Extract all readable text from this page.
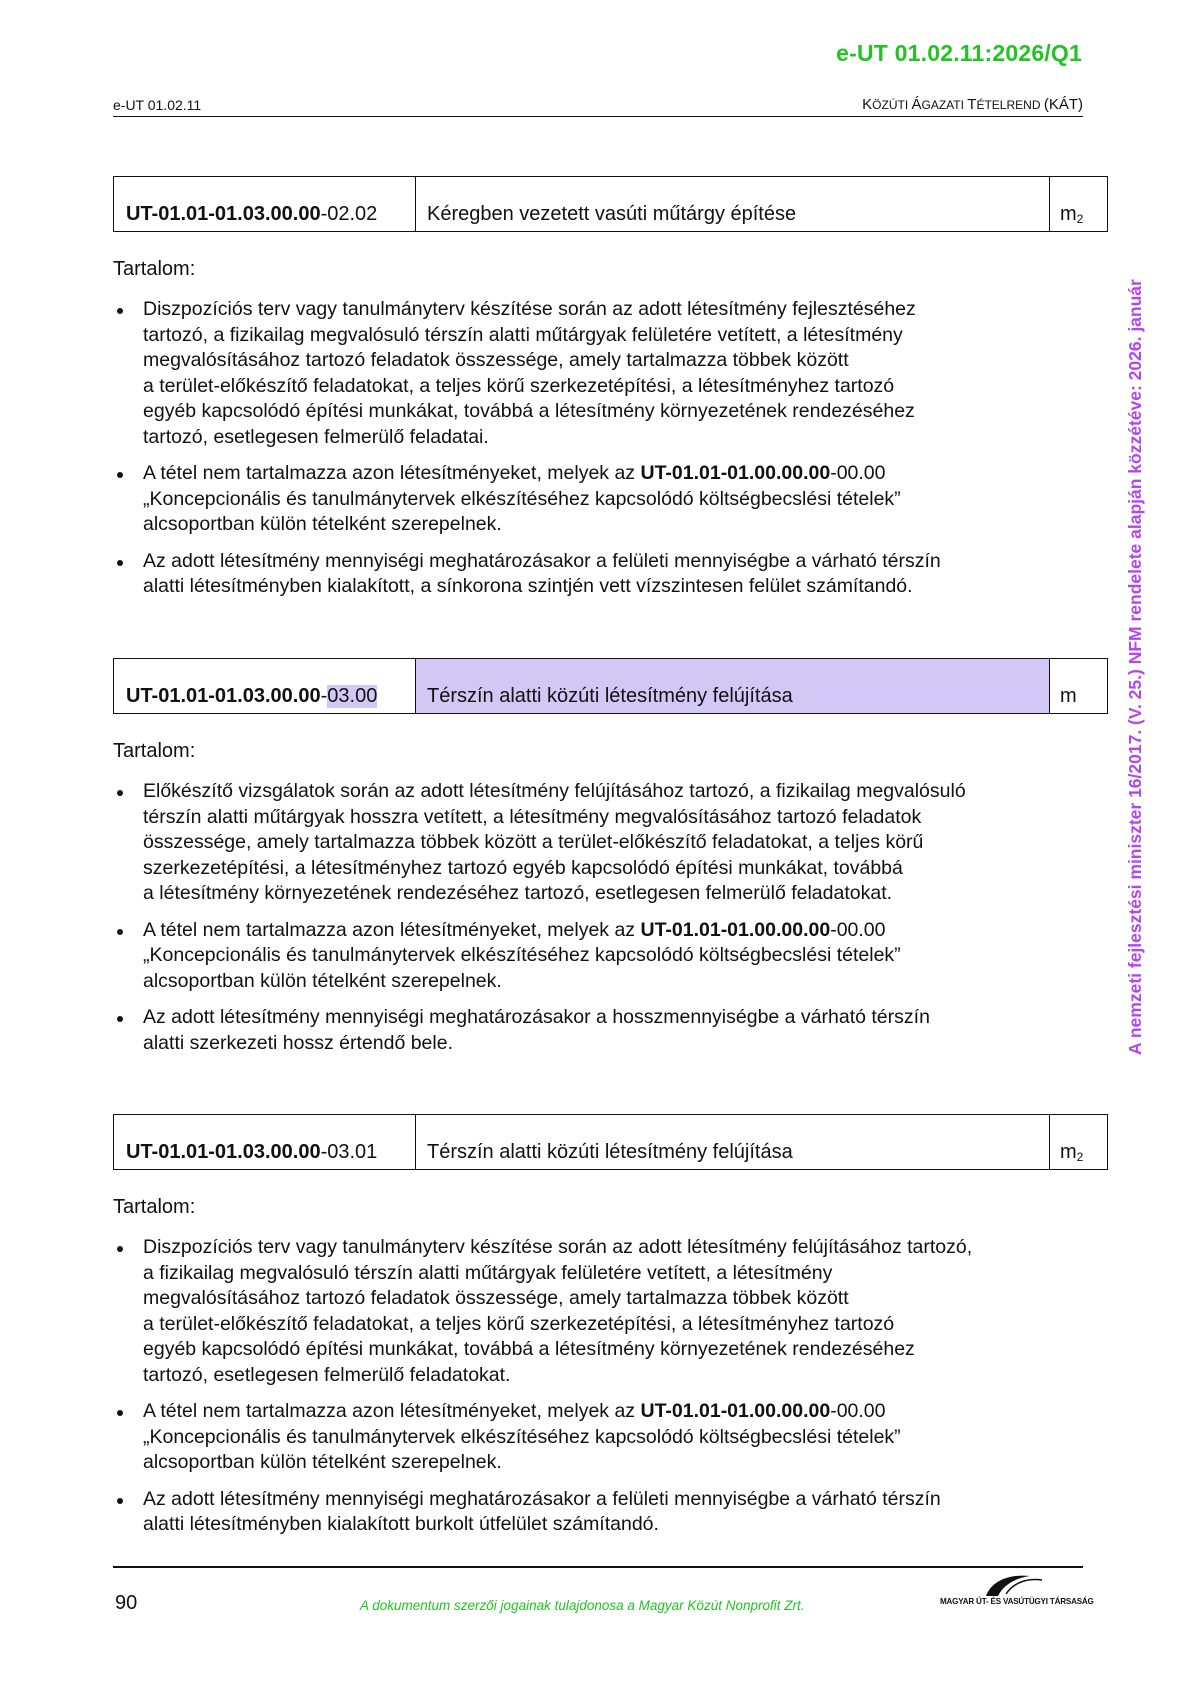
e-UT 01.02.11:2026/Q1
e-UT 01.02.11	KÖZÚTI ÁGAZATI TÉTELREND (KÁT)
A nemzeti fejlesztési miniszter 16/2017. (V. 25.) NFM rendelete alapján közzétéve: 2026. január
UT-01.01-01.03.00.00 -02.02	Kéregben vezetett vasúti műtárgy építése	$m_2$
Tartalom:
Diszpozíciós terv vagy tanulmányterv készítése során az adott létesítmény fejlesztéséhez
tartozó, a fizikailag megvalósuló térszín alatti műtárgyak felületére vetített, a létesítmény
megvalósításához tartozó feladatok összessége, amely tartalmazza többek között
a terület-előkészítő feladatokat, a teljes körű szerkezetépítési, a létesítményhez tartozó
egyéb kapcsolódó építési munkákat, továbbá a létesítmény környezetének rendezéséhez
tartozó, esetlegesen felmerülő feladatai.
A tétel nem tartalmazza azon létesítményeket, melyek az UT-01.01-01.00.00.00-00.00
„Koncepcionális és tanulmánytervek elkészítéséhez kapcsolódó költségbecslési tételek”
alcsoportban külön tételként szerepelnek.
Az adott létesítmény mennyiségi meghatározásakor a felületi mennyiségbe a várható térszín
alatti létesítményben kialakított, a sínkorona szintjén vett vízszintesen felület számítandó.
UT-01.01-01.03.00.00 - 03.00	Térszín alatti közúti létesítmény felújítása	m
Tartalom:
Előkészítő vizsgálatok során az adott létesítmény felújításához tartozó, a fizikailag megvalósuló
térszín alatti műtárgyak hosszra vetített, a létesítmény megvalósításához tartozó feladatok
összessége, amely tartalmazza többek között a terület-előkészítő feladatokat, a teljes körű
szerkezetépítési, a létesítményhez tartozó egyéb kapcsolódó építési munkákat, továbbá
a létesítmény környezetének rendezéséhez tartozó, esetlegesen felmerülő feladatokat.
A tétel nem tartalmazza azon létesítményeket, melyek az UT-01.01-01.00.00.00-00.00
„Koncepcionális és tanulmánytervek elkészítéséhez kapcsolódó költségbecslési tételek”
alcsoportban külön tételként szerepelnek.
Az adott létesítmény mennyiségi meghatározásakor a hosszmennyiségbe a várható térszín
alatti szerkezeti hossz értendő bele.
UT-01.01-01.03.00.00 -03.01	Térszín alatti közúti létesítmény felújítása	$m_2$
Tartalom:
Diszpozíciós terv vagy tanulmányterv készítése során az adott létesítmény felújításához tartozó,
a fizikailag megvalósuló térszín alatti műtárgyak felületére vetített, a létesítmény
megvalósításához tartozó feladatok összessége, amely tartalmazza többek között
a terület-előkészítő feladatokat, a teljes körű szerkezetépítési, a létesítményhez tartozó
egyéb kapcsolódó építési munkákat, továbbá a létesítmény környezetének rendezéséhez
tartozó, esetlegesen felmerülő feladatokat.
A tétel nem tartalmazza azon létesítményeket, melyek az UT-01.01-01.00.00.00-00.00
„Koncepcionális és tanulmánytervek elkészítéséhez kapcsolódó költségbecslési tételek”
alcsoportban külön tételként szerepelnek.
Az adott létesítmény mennyiségi meghatározásakor a felületi mennyiségbe a várható térszín
alatti létesítményben kialakított burkolt útfelület számítandó.
90	A dokumentum szerzői jogainak tulajdonosa a Magyar Közút Nonprofit Zrt.	MAGYAR ÚT- ÉS VASÚTÜGYI TÁRSASÁG
